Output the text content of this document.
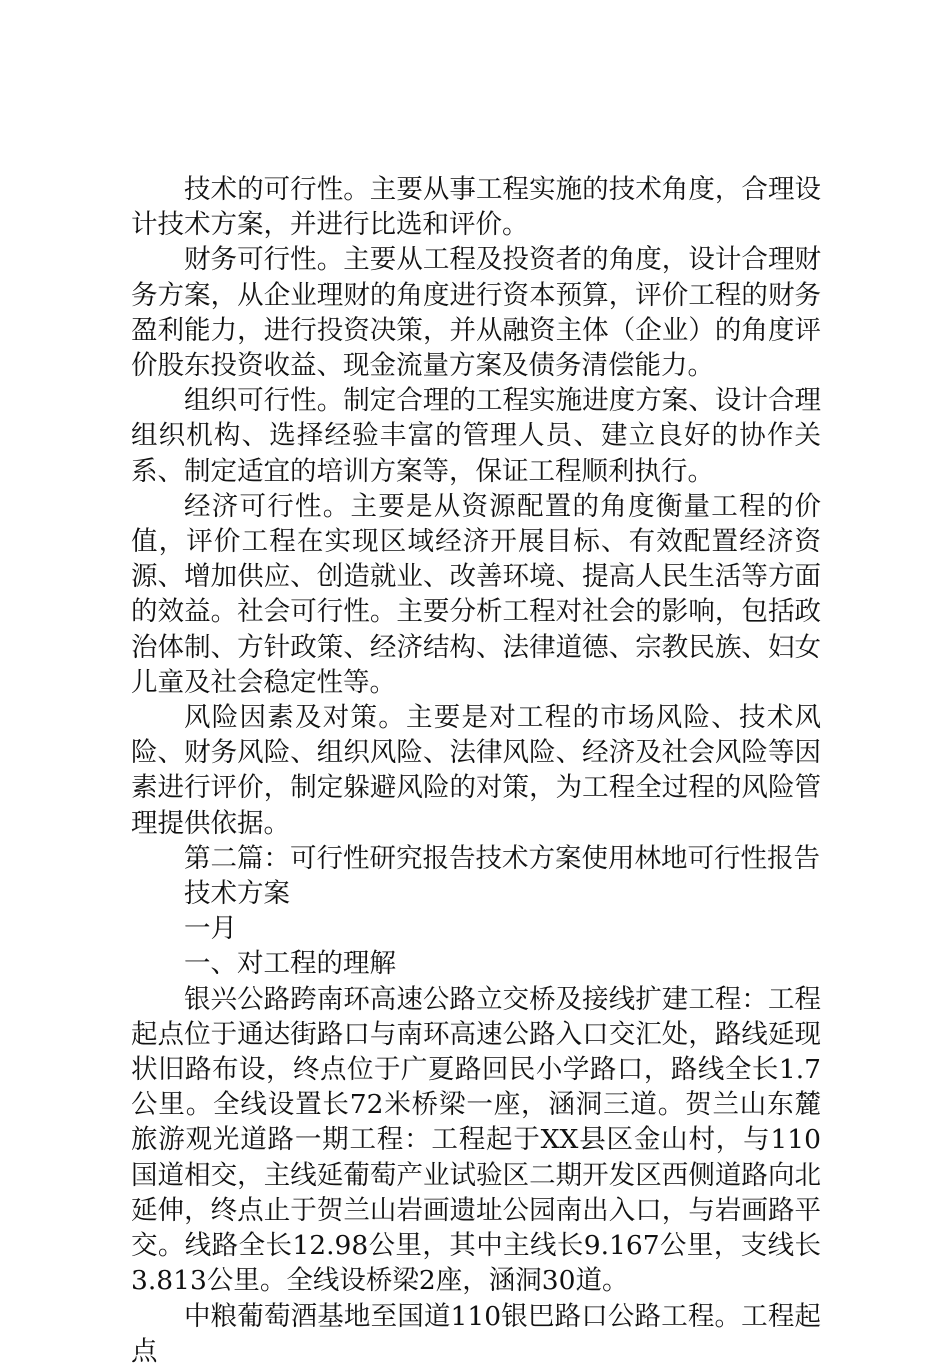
技术的可行性。主要从事工程实施的技术角度，合理设计技术方案，并进行比选和评价。

财务可行性。主要从工程及投资者的角度，设计合理财务方案，从企业理财的角度进行资本预算，评价工程的财务盈利能力，进行投资决策，并从融资主体（企业）的角度评价股东投资收益、现金流量方案及债务清偿能力。

组织可行性。制定合理的工程实施进度方案、设计合理组织机构、选择经验丰富的管理人员、建立良好的协作关系、制定适宜的培训方案等，保证工程顺利执行。

经济可行性。主要是从资源配置的角度衡量工程的价值，评价工程在实现区域经济开展目标、有效配置经济资源、增加供应、创造就业、改善环境、提高人民生活等方面的效益。社会可行性。主要分析工程对社会的影响，包括政治体制、方针政策、经济结构、法律道德、宗教民族、妇女儿童及社会稳定性等。

风险因素及对策。主要是对工程的市场风险、技术风险、财务风险、组织风险、法律风险、经济及社会风险等因素进行评价，制定躲避风险的对策，为工程全过程的风险管理提供依据。

第二篇：可行性研究报告技术方案使用林地可行性报告

技术方案

一月

一、对工程的理解

银兴公路跨南环高速公路立交桥及接线扩建工程：工程起点位于通达街路口与南环高速公路入口交汇处，路线延现状旧路布设，终点位于广夏路回民小学路口，路线全长1.7公里。全线设置长72米桥梁一座，涵洞三道。贺兰山东麓旅游观光道路一期工程：工程起于XX县区金山村，与110国道相交，主线延葡萄产业试验区二期开发区西侧道路向北延伸，终点止于贺兰山岩画遗址公园南出入口，与岩画路平交。线路全长12.98公里，其中主线长9.167公里，支线长3.813公里。全线设桥梁2座，涵洞30道。

中粮葡萄酒基地至国道110银巴路口公路工程。工程起点
